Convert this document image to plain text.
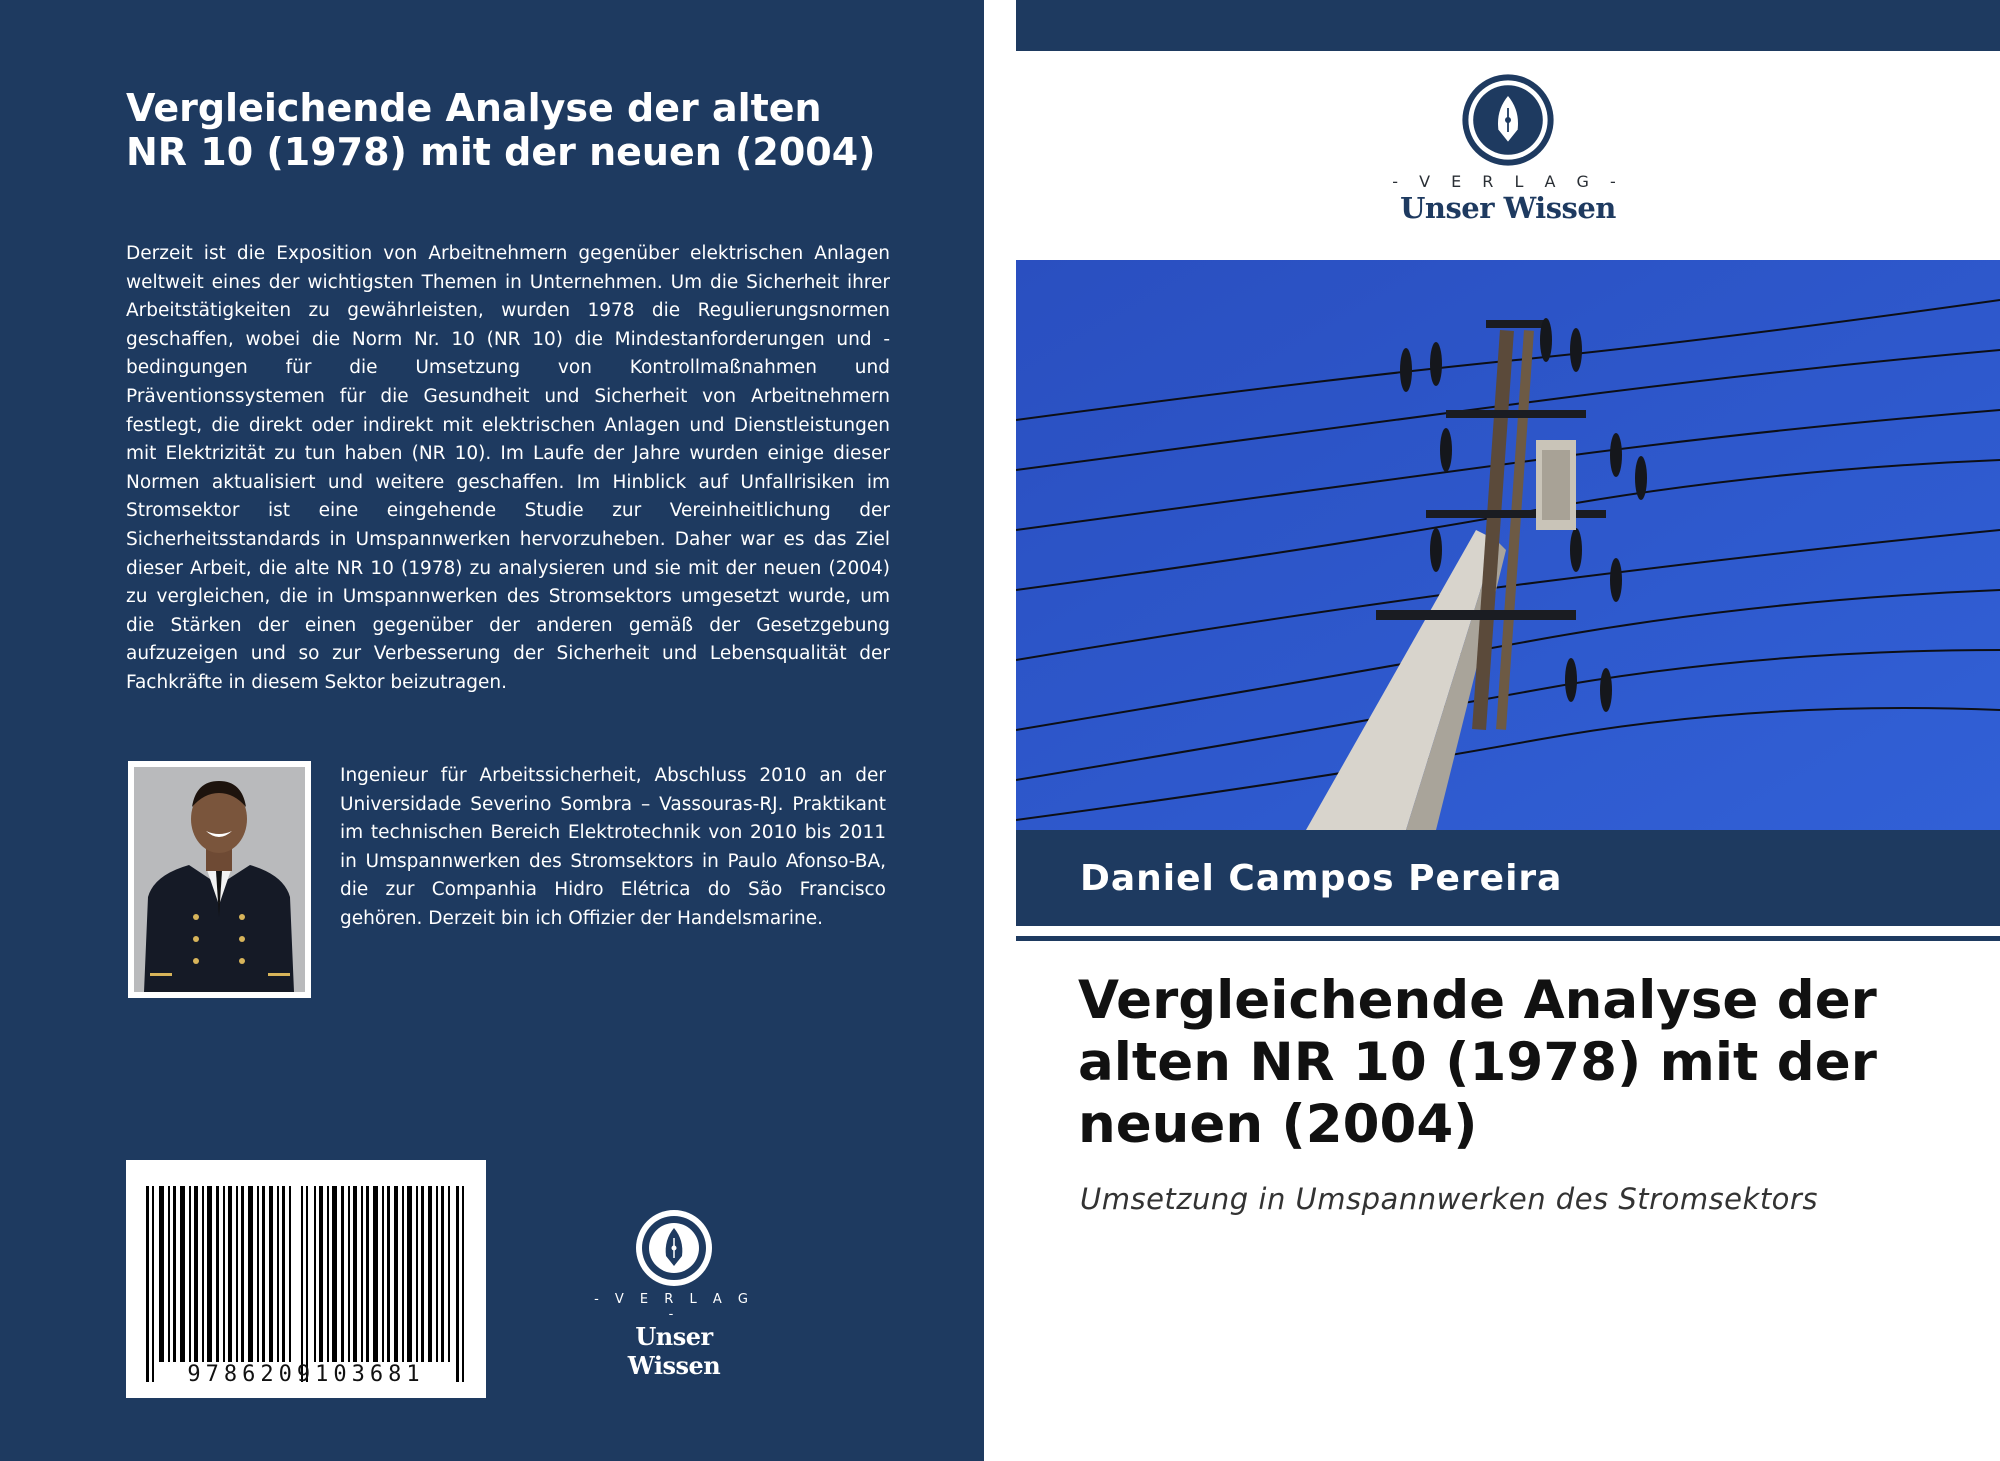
Vergleichende Analyse der alten NR 10 (1978) mit der neuen (2004)

Derzeit ist die Exposition von Arbeitnehmern gegenüber elektrischen Anlagen weltweit eines der wichtigsten Themen in Unternehmen. Um die Sicherheit ihrer Arbeitstätigkeiten zu gewährleisten, wurden 1978 die Regulierungsnormen geschaffen, wobei die Norm Nr. 10 (NR 10) die Mindestanforderungen und -bedingungen für die Umsetzung von Kontrollmaßnahmen und Präventionssystemen für die Gesundheit und Sicherheit von Arbeitnehmern festlegt, die direkt oder indirekt mit elektrischen Anlagen und Dienstleistungen mit Elektrizität zu tun haben (NR 10). Im Laufe der Jahre wurden einige dieser Normen aktualisiert und weitere geschaffen. Im Hinblick auf Unfallrisiken im Stromsektor ist eine eingehende Studie zur Vereinheitlichung der Sicherheitsstandards in Umspannwerken hervorzuheben. Daher war es das Ziel dieser Arbeit, die alte NR 10 (1978) zu analysieren und sie mit der neuen (2004) zu vergleichen, die in Umspannwerken des Stromsektors umgesetzt wurde, um die Stärken der einen gegenüber der anderen gemäß der Gesetzgebung aufzuzeigen und so zur Verbesserung der Sicherheit und Lebensqualität der Fachkräfte in diesem Sektor beizutragen.

Ingenieur für Arbeitssicherheit, Abschluss 2010 an der Universidade Severino Sombra – Vassouras-RJ. Praktikant im technischen Bereich Elektrotechnik von 2010 bis 2011 in Umspannwerken des Stromsektors in Paulo Afonso-BA, die zur Companhia Hidro Elétrica do São Francisco gehören. Derzeit bin ich Offizier der Handelsmarine.

9786209103681
- V E R L A G -
Unser Wissen
- V E R L A G -
Unser Wissen
Daniel Campos Pereira
Vergleichende Analyse der alten NR 10 (1978) mit der neuen (2004)

Umsetzung in Umspannwerken des Stromsektors
